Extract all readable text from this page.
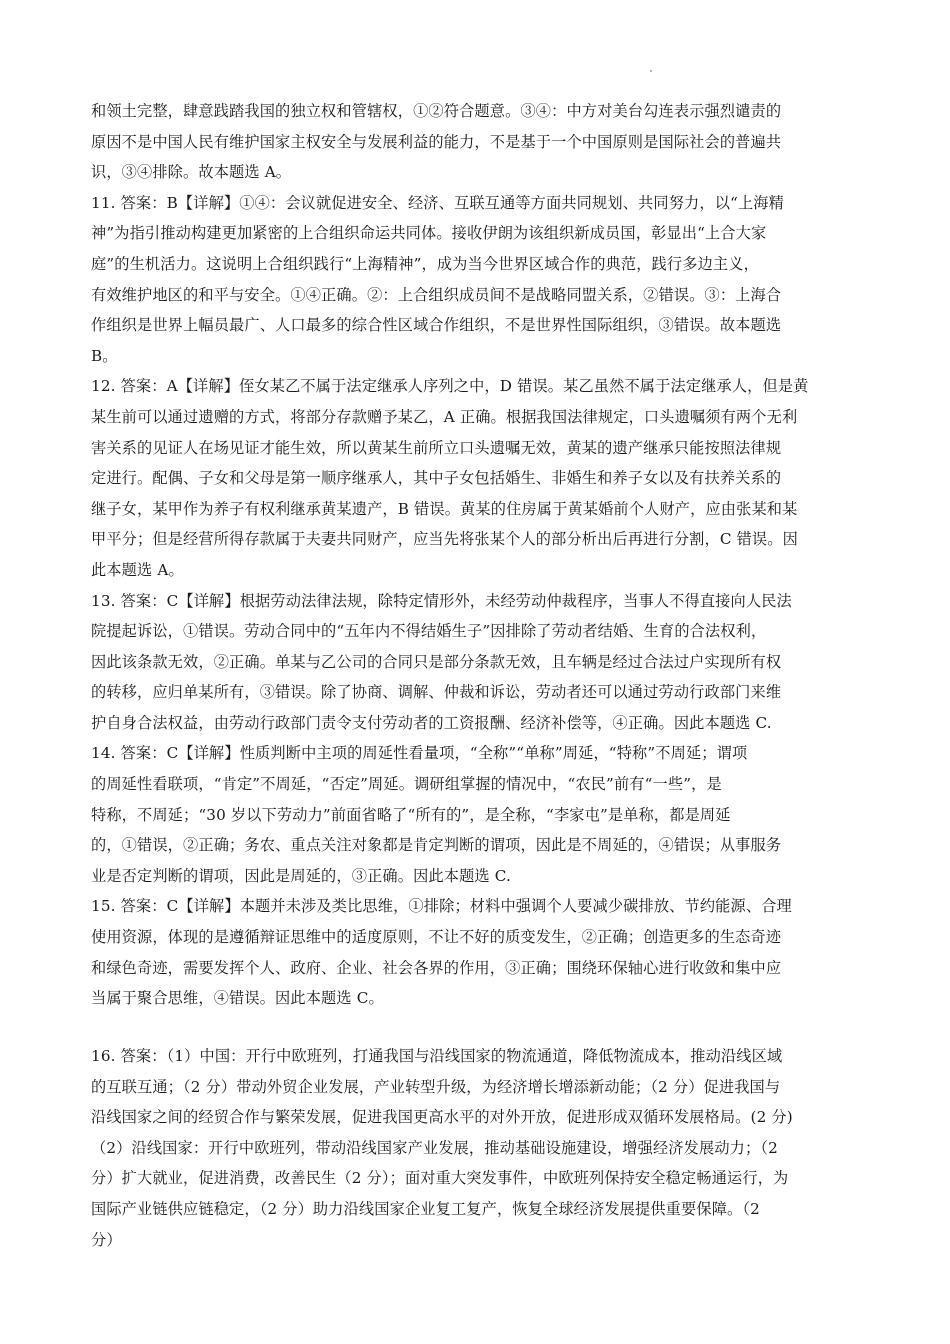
和领土完整，肆意践踏我国的独立权和管辖权，①②符合题意。③④：中方对美台勾连表示强烈谴责的
原因不是中国人民有维护国家主权安全与发展利益的能力，不是基于一个中国原则是国际社会的普遍共
识，③④排除。故本题选 A。
11. 答案：B【详解】①④：会议就促进安全、经济、互联互通等方面共同规划、共同努力，以“上海精
神”为指引推动构建更加紧密的上合组织命运共同体。接收伊朗为该组织新成员国，彰显出“上合大家
庭”的生机活力。这说明上合组织践行“上海精神”，成为当今世界区域合作的典范，践行多边主义，
有效维护地区的和平与安全。①④正确。②：上合组织成员间不是战略同盟关系，②错误。③：上海合
作组织是世界上幅员最广、人口最多的综合性区域合作组织，不是世界性国际组织，③错误。故本题选
B。
12. 答案：A【详解】侄女某乙不属于法定继承人序列之中，D 错误。某乙虽然不属于法定继承人，但是黄
某生前可以通过遗赠的方式，将部分存款赠予某乙，A 正确。根据我国法律规定，口头遗嘱须有两个无利
害关系的见证人在场见证才能生效，所以黄某生前所立口头遗嘱无效，黄某的遗产继承只能按照法律规
定进行。配偶、子女和父母是第一顺序继承人，其中子女包括婚生、非婚生和养子女以及有扶养关系的
继子女，某甲作为养子有权利继承黄某遗产，B 错误。黄某的住房属于黄某婚前个人财产，应由张某和某
甲平分；但是经营所得存款属于夫妻共同财产，应当先将张某个人的部分析出后再进行分割，C 错误。因
此本题选 A。
13. 答案：C【详解】根据劳动法律法规，除特定情形外，未经劳动仲裁程序，当事人不得直接向人民法
院提起诉讼，①错误。劳动合同中的“五年内不得结婚生子”因排除了劳动者结婚、生育的合法权利，
因此该条款无效，②正确。单某与乙公司的合同只是部分条款无效，且车辆是经过合法过户实现所有权
的转移，应归单某所有，③错误。除了协商、调解、仲裁和诉讼，劳动者还可以通过劳动行政部门来维
护自身合法权益，由劳动行政部门责令支付劳动者的工资报酬、经济补偿等，④正确。因此本题选 C.
14. 答案：C【详解】性质判断中主项的周延性看量项，“全称”“单称”周延，“特称”不周延；谓项
的周延性看联项，“肯定”不周延，“否定”周延。调研组掌握的情况中，“农民”前有“一些”，是
特称，不周延；“30 岁以下劳动力”前面省略了“所有的”，是全称，“李家屯”是单称，都是周延
的，①错误，②正确；务农、重点关注对象都是肯定判断的谓项，因此是不周延的，④错误；从事服务
业是否定判断的谓项，因此是周延的，③正确。因此本题选 C.
15. 答案：C【详解】本题并未涉及类比思维，①排除；材料中强调个人要减少碳排放、节约能源、合理
使用资源，体现的是遵循辩证思维中的适度原则，不让不好的质变发生，②正确；创造更多的生态奇迹
和绿色奇迹，需要发挥个人、政府、企业、社会各界的作用，③正确；围绕环保轴心进行收敛和集中应
当属于聚合思维，④错误。因此本题选 C。
16. 答案：（1）中国：开行中欧班列，打通我国与沿线国家的物流通道，降低物流成本，推动沿线区域
的互联互通；（2 分）带动外贸企业发展，产业转型升级，为经济增长增添新动能；（2 分）促进我国与
沿线国家之间的经贸合作与繁荣发展，促进我国更高水平的对外开放，促进形成双循环发展格局。(2 分)
（2）沿线国家：开行中欧班列，带动沿线国家产业发展，推动基础设施建设，增强经济发展动力；（2
分）扩大就业，促进消费，改善民生（2 分）；面对重大突发事件，中欧班列保持安全稳定畅通运行，为
国际产业链供应链稳定，（2 分）助力沿线国家企业复工复产，恢复全球经济发展提供重要保障。（2
分）
